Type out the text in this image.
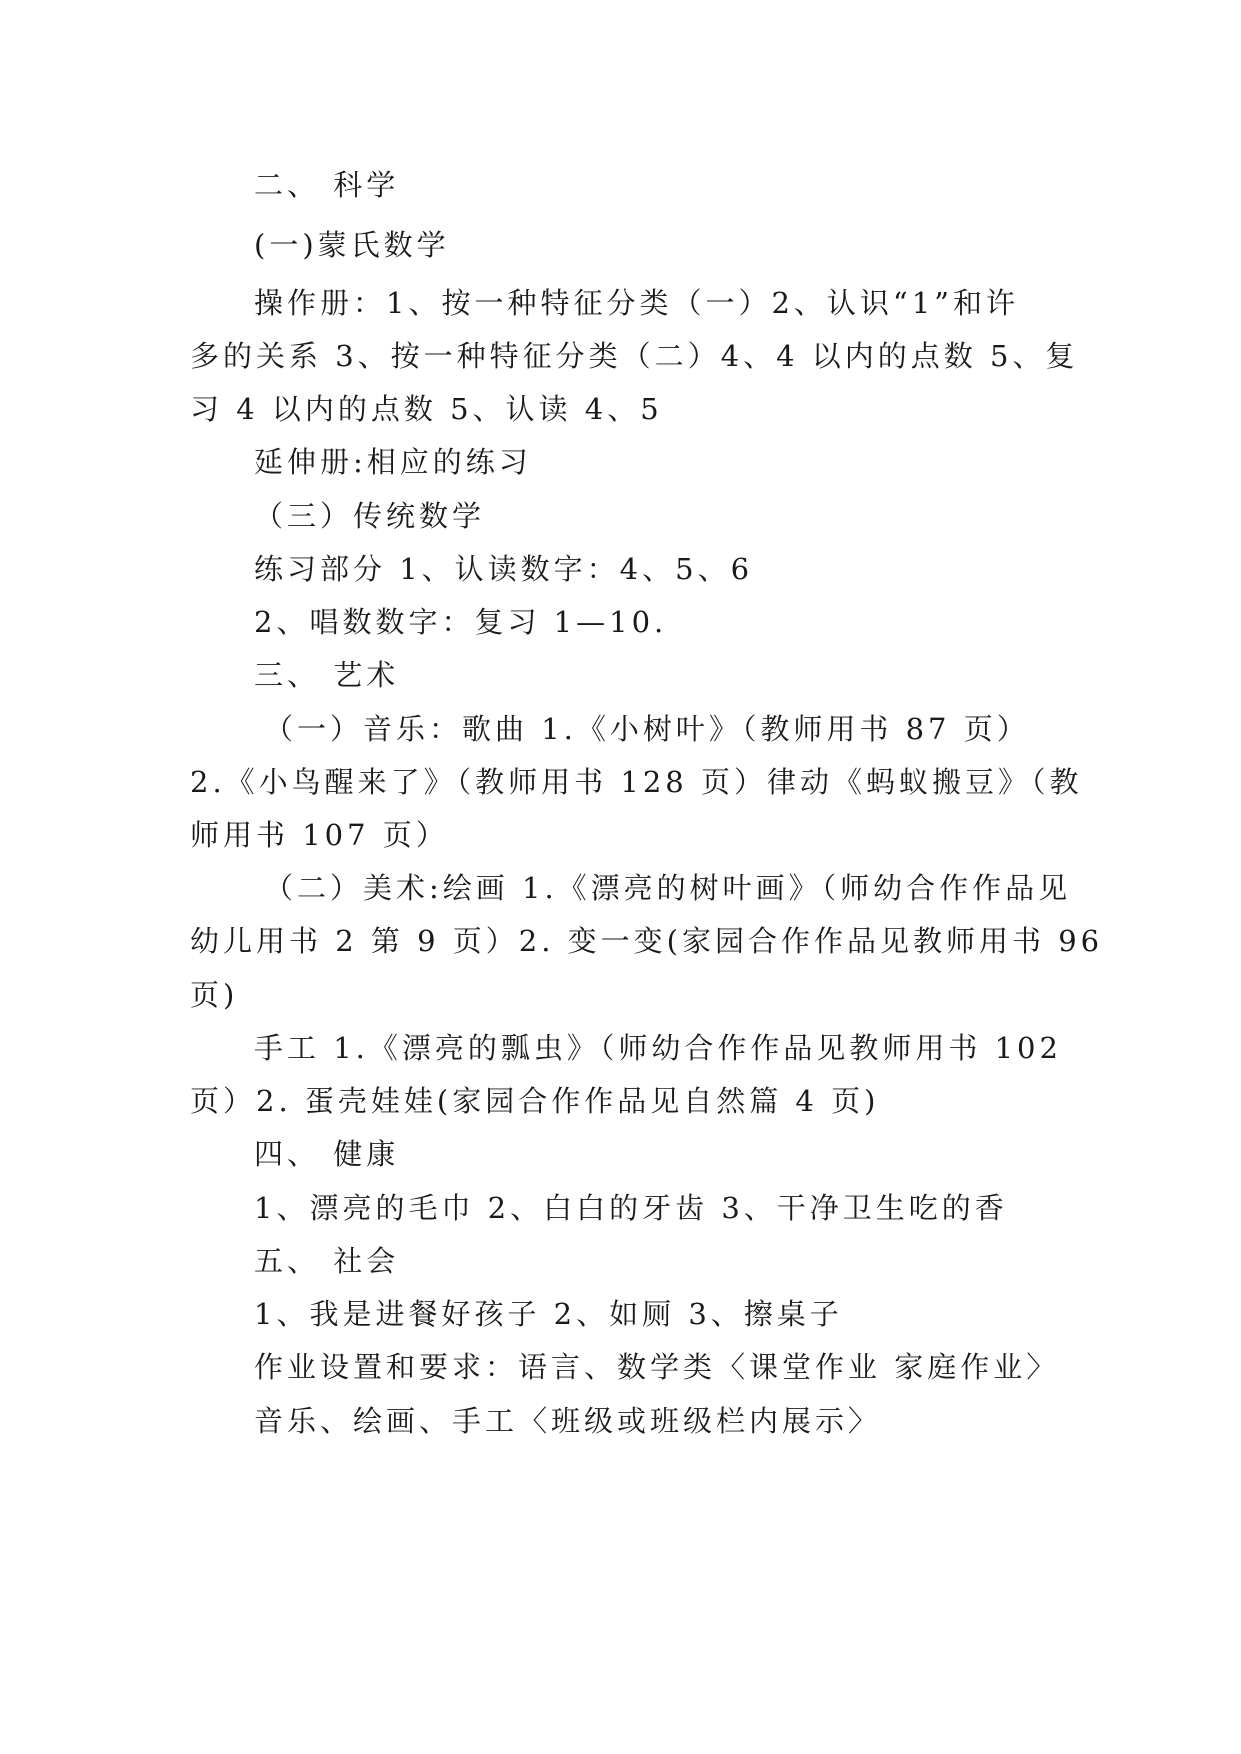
二、 科学
(一)蒙氏数学
操作册：1、按一种特征分类（一）2、认识“1”和许
多的关系 3、按一种特征分类（二）4、4 以内的点数 5、复
习 4 以内的点数 5、认读 4、5
延伸册:相应的练习
（三）传统数学
练习部分 1、认读数字：4、5、6
2、唱数数字：复习 1—10.
三、 艺术
（一）音乐：歌曲 1.《小树叶》（教师用书 87 页）
2.《小鸟醒来了》（教师用书 128 页）律动《蚂蚁搬豆》（教
师用书 107 页）
（二）美术:绘画 1.《漂亮的树叶画》（师幼合作作品见
幼儿用书 2 第 9 页）2. 变一变(家园合作作品见教师用书 96
页)
手工 1.《漂亮的瓢虫》（师幼合作作品见教师用书 102
页）2. 蛋壳娃娃(家园合作作品见自然篇 4 页)
四、 健康
1、漂亮的毛巾 2、白白的牙齿 3、干净卫生吃的香
五、 社会
1、我是进餐好孩子 2、如厕 3、擦桌子
作业设置和要求：语言、数学类〈课堂作业 家庭作业〉
音乐、绘画、手工〈班级或班级栏内展示〉
